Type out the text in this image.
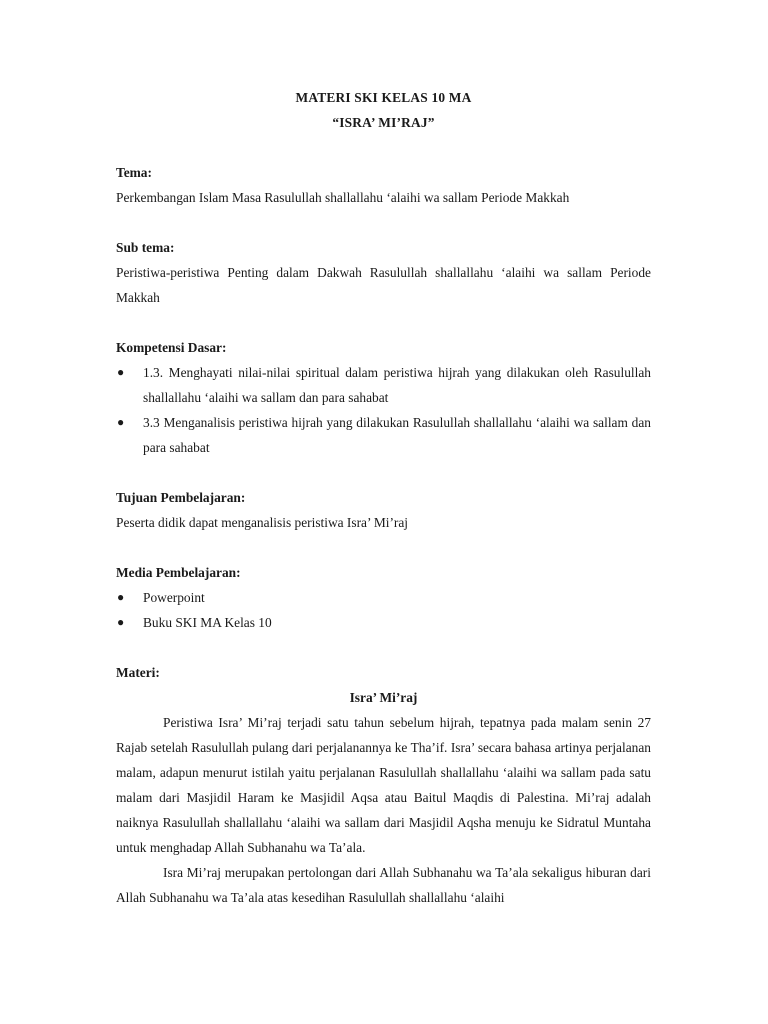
MATERI SKI KELAS 10 MA

“ISRA’ MI’RAJ”

Tema:

Perkembangan Islam Masa Rasulullah shallallahu ‘alaihi wa sallam Periode Makkah

Sub tema:

Peristiwa-peristiwa Penting dalam Dakwah Rasulullah shallallahu ‘alaihi wa sallam Periode Makkah

Kompetensi Dasar:

● 1.3. Menghayati nilai-nilai spiritual dalam peristiwa hijrah yang dilakukan oleh Rasulullah shallallahu ‘alaihi wa sallam dan para sahabat
● 3.3 Menganalisis peristiwa hijrah yang dilakukan Rasulullah shallallahu ‘alaihi wa sallam dan para sahabat

Tujuan Pembelajaran:

Peserta didik dapat menganalisis peristiwa Isra’ Mi’raj

Media Pembelajaran:

● Powerpoint
● Buku SKI MA Kelas 10

Materi:

Isra’ Mi’raj

Peristiwa Isra’ Mi’raj terjadi satu tahun sebelum hijrah, tepatnya pada malam senin 27 Rajab setelah Rasulullah pulang dari perjalanannya ke Tha’if. Isra’ secara bahasa artinya perjalanan malam, adapun menurut istilah yaitu perjalanan Rasulullah shallallahu ‘alaihi wa sallam pada satu malam dari Masjidil Haram ke Masjidil Aqsa atau Baitul Maqdis di Palestina. Mi’raj adalah naiknya Rasulullah shallallahu ‘alaihi wa sallam dari Masjidil Aqsha menuju ke Sidratul Muntaha untuk menghadap Allah Subhanahu wa Ta’ala.

Isra Mi’raj merupakan pertolongan dari Allah Subhanahu wa Ta’ala sekaligus hiburan dari Allah Subhanahu wa Ta’ala atas kesedihan Rasulullah shallallahu ‘alaihi
